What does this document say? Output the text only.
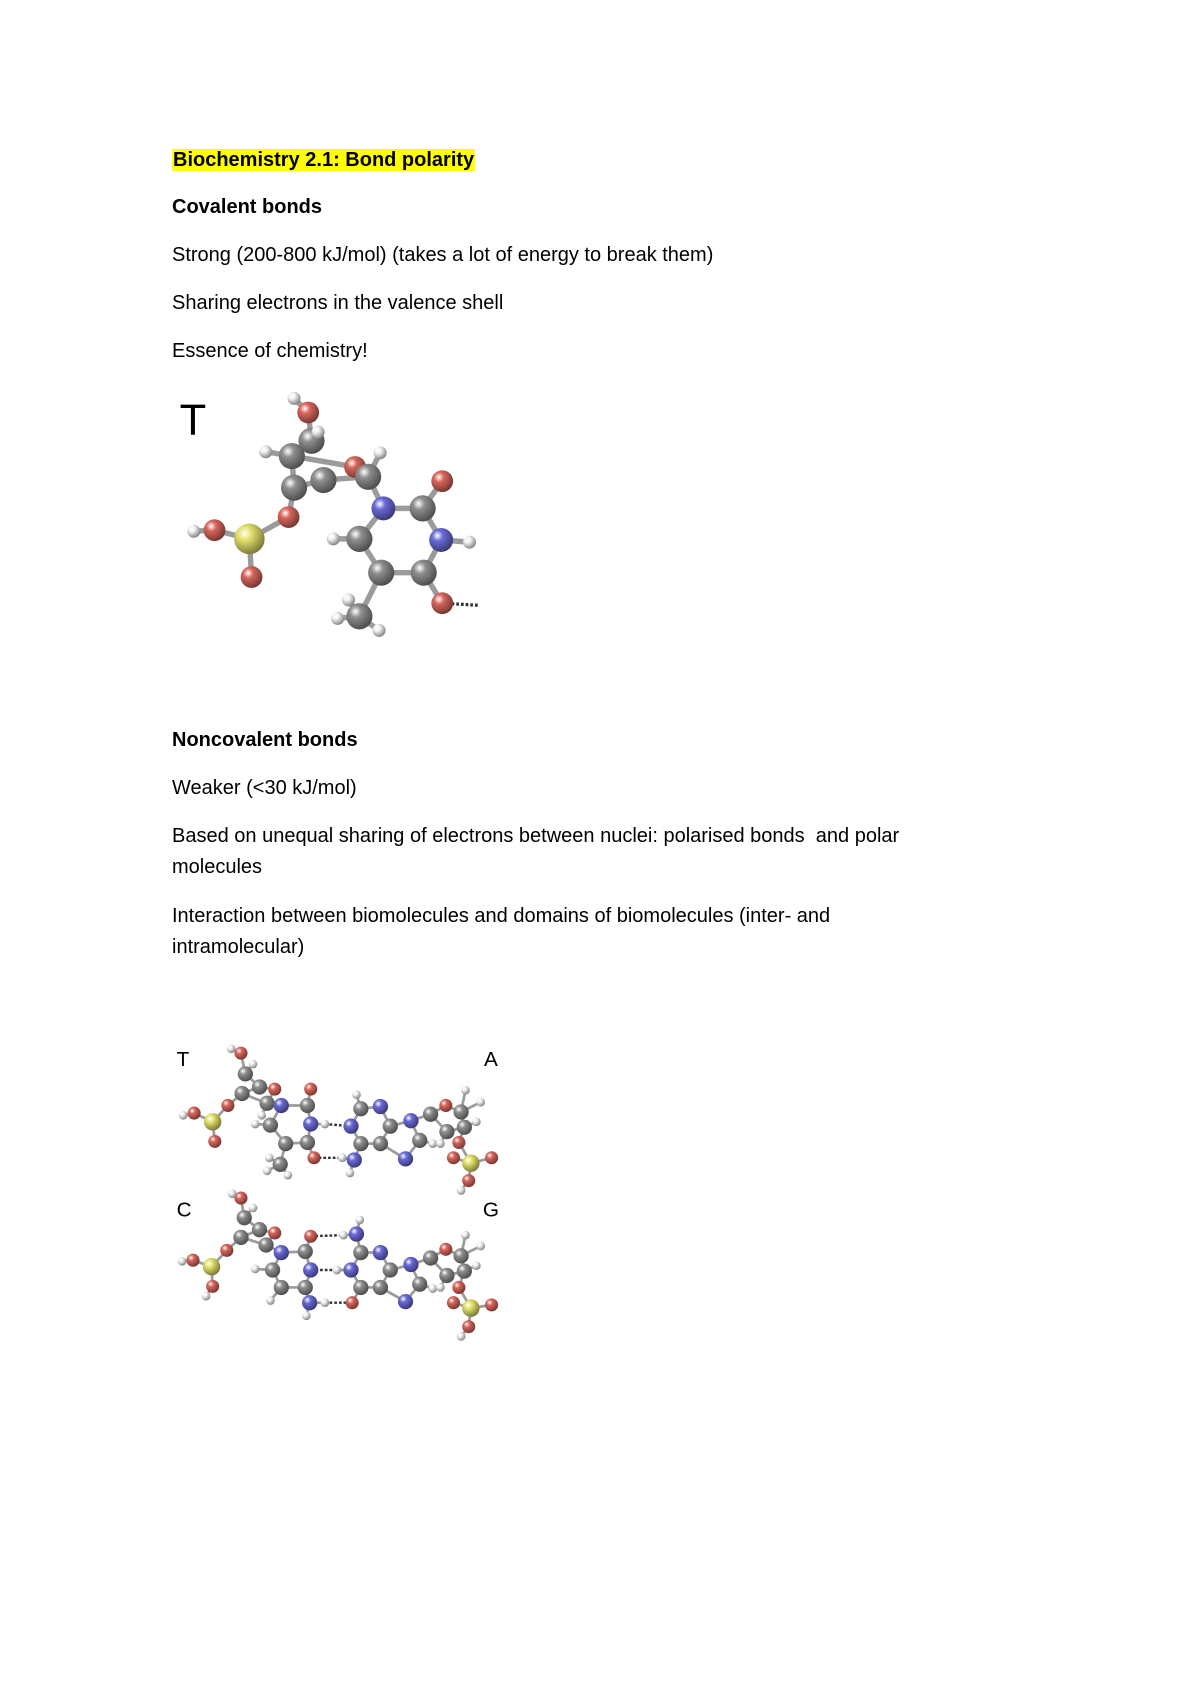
Biochemistry 2.1: Bond polarity
Covalent bonds
Strong (200-800 kJ/mol) (takes a lot of energy to break them)
Sharing electrons in the valence shell
Essence of chemistry!
T
Noncovalent bonds
Weaker (<30 kJ/mol)
Based on unequal sharing of electrons between nuclei: polarised bonds  and polar
molecules
Interaction between biomolecules and domains of biomolecules (inter- and
intramolecular)
T	A
C	G
